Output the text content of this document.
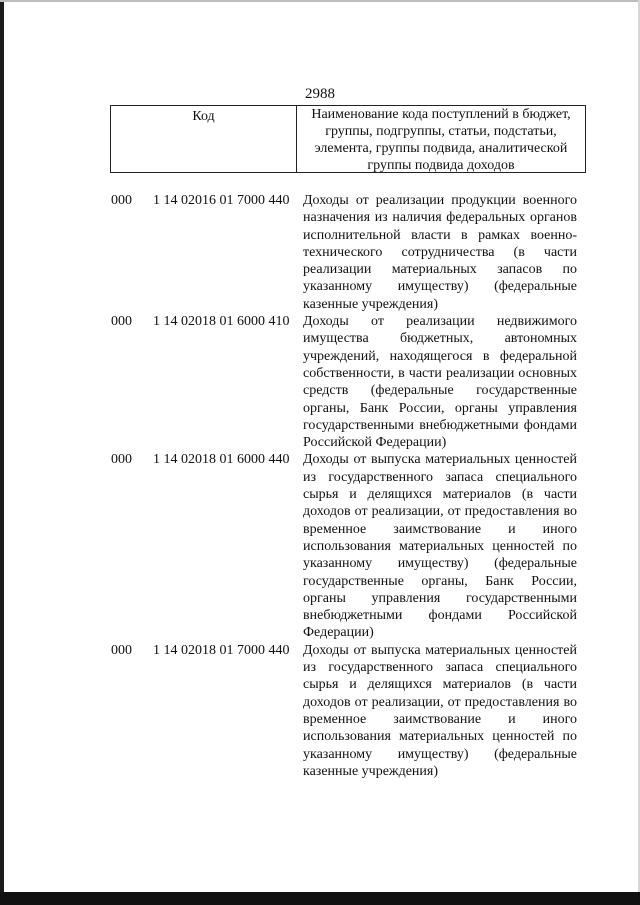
2988
Код	Наименование кода поступлений в бюджет, группы, подгруппы, статьи, подстатьи, элемента, группы подвида, аналитической группы подвида доходов
000 1 14 02016 01 7000 440 Доходы от реализации продукции военного
назначения из наличия федеральных органов
исполнительной власти в рамках военно-
технического сотрудничества (в части
реализации материальных запасов по
указанному имуществу) (федеральные
казенные учреждения)
000 1 14 02018 01 6000 410 Доходы от реализации недвижимого
имущества бюджетных, автономных
учреждений, находящегося в федеральной
собственности, в части реализации основных
средств (федеральные государственные
органы, Банк России, органы управления
государственными внебюджетными фондами
Российской Федерации)
000 1 14 02018 01 6000 440 Доходы от выпуска материальных ценностей
из государственного запаса специального
сырья и делящихся материалов (в части
доходов от реализации, от предоставления во
временное заимствование и иного
использования материальных ценностей по
указанному имуществу) (федеральные
государственные органы, Банк России,
органы управления государственными
внебюджетными фондами Российской
Федерации)
000 1 14 02018 01 7000 440 Доходы от выпуска материальных ценностей
из государственного запаса специального
сырья и делящихся материалов (в части
доходов от реализации, от предоставления во
временное заимствование и иного
использования материальных ценностей по
указанному имуществу) (федеральные
казенные учреждения)
